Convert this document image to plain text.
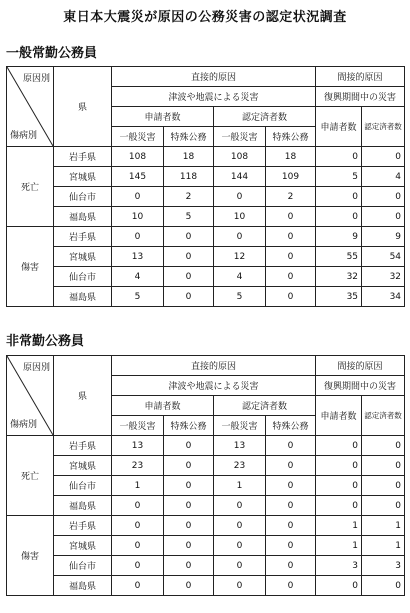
東日本大震災が原因の公務災害の認定状況調査
一般常勤公務員
原因別
傷病別	県	直接的原因				間接的原因	
		津波や地震による災害				復興期間中の災害	
		申請者数		認定済者数		申請者数	認定済者数
		一般災害	特殊公務	一般災害	特殊公務		
死亡	岩手県	108	18	108	18	0	0
	宮城県	145	118	144	109	5	4
	仙台市	0	2	0	2	0	0
	福島県	10	5	10	0	0	0
傷害	岩手県	0	0	0	0	9	9
	宮城県	13	0	12	0	55	54
	仙台市	4	0	4	0	32	32
	福島県	5	0	5	0	35	34
非常勤公務員
原因別
傷病別	県	直接的原因				間接的原因	
		津波や地震による災害				復興期間中の災害	
		申請者数		認定済者数		申請者数	認定済者数
		一般災害	特殊公務	一般災害	特殊公務		
死亡	岩手県	13	0	13	0	0	0
	宮城県	23	0	23	0	0	0
	仙台市	1	0	1	0	0	0
	福島県	0	0	0	0	0	0
傷害	岩手県	0	0	0	0	1	1
	宮城県	0	0	0	0	1	1
	仙台市	0	0	0	0	3	3
	福島県	0	0	0	0	0	0
